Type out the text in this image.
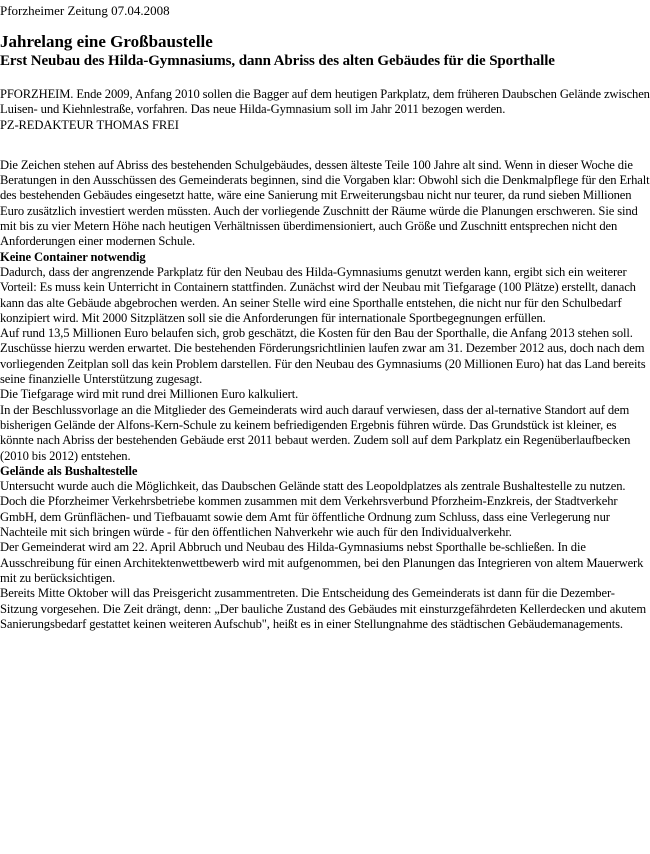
Pforzheimer Zeitung 07.04.2008
Jahrelang eine Großbaustelle
Erst Neubau des Hilda-Gymnasiums, dann Abriss des alten Gebäudes für die Sporthalle

PFORZHEIM. Ende 2009, Anfang 2010 sollen die Bagger auf dem heutigen Parkplatz, dem früheren Daubschen Gelände zwischen Luisen- und Kiehnlestraße, vorfahren. Das neue Hilda-Gymnasium soll im Jahr 2011 bezogen werden.

PZ-REDAKTEUR THOMAS FREI

Die Zeichen stehen auf Abriss des bestehenden Schulgebäudes, dessen älteste Teile 100 Jahre alt sind. Wenn in dieser Woche die Beratungen in den Ausschüssen des Gemeinderats beginnen, sind die Vorgaben klar: Obwohl sich die Denkmalpflege für den Erhalt des bestehenden Gebäudes eingesetzt hatte, wäre eine Sanierung mit Erweiterungsbau nicht nur teurer, da rund sieben Millionen Euro zusätzlich investiert werden müssten. Auch der vorliegende Zuschnitt der Räume würde die Planungen erschweren. Sie sind mit bis zu vier Metern Höhe nach heutigen Verhältnissen überdimensioniert, auch Größe und Zuschnitt entsprechen nicht den Anforderungen einer modernen Schule.

Keine Container notwendig

Dadurch, dass der angrenzende Parkplatz für den Neubau des Hilda-Gymnasiums genutzt werden kann, ergibt sich ein weiterer Vorteil: Es muss kein Unterricht in Containern stattfinden. Zunächst wird der Neubau mit Tiefgarage (100 Plätze) erstellt, danach kann das alte Gebäude abgebrochen werden. An seiner Stelle wird eine Sporthalle entstehen, die nicht nur für den Schulbedarf konzipiert wird. Mit 2000 Sitzplätzen soll sie die Anforderungen für internationale Sportbegegnungen erfüllen.

Auf rund 13,5 Millionen Euro belaufen sich, grob geschätzt, die Kosten für den Bau der Sporthalle, die Anfang 2013 stehen soll. Zuschüsse hierzu werden erwartet. Die bestehenden Förderungsrichtlinien laufen zwar am 31. Dezember 2012 aus, doch nach dem vorliegenden Zeitplan soll das kein Problem darstellen. Für den Neubau des Gymnasiums (20 Millionen Euro) hat das Land bereits seine finanzielle Unterstützung zugesagt.

Die Tiefgarage wird mit rund drei Millionen Euro kalkuliert.

In der Beschlussvorlage an die Mitglieder des Gemeinderats wird auch darauf verwiesen, dass der al-ternative Standort auf dem bisherigen Gelände der Alfons-Kern-Schule zu keinem befriedigenden Ergebnis führen würde. Das Grundstück ist kleiner, es könnte nach Abriss der bestehenden Gebäude erst 2011 bebaut werden. Zudem soll auf dem Parkplatz ein Regenüberlaufbecken (2010 bis 2012) entstehen.

Gelände als Bushaltestelle

Untersucht wurde auch die Möglichkeit, das Daubschen Gelände statt des Leopoldplatzes als zentrale Bushaltestelle zu nutzen. Doch die Pforzheimer Verkehrsbetriebe kommen zusammen mit dem Verkehrsverbund Pforzheim-Enzkreis, der Stadtverkehr GmbH, dem Grünflächen- und Tiefbauamt sowie dem Amt für öffentliche Ordnung zum Schluss, dass eine Verlegerung nur Nachteile mit sich bringen würde - für den öffentlichen Nahverkehr wie auch für den Individualverkehr.

Der Gemeinderat wird am 22. April Abbruch und Neubau des Hilda-Gymnasiums nebst Sporthalle be-schließen. In die Ausschreibung für einen Architektenwettbewerb wird mit aufgenommen, bei den Planungen das Integrieren von altem Mauerwerk mit zu berücksichtigen.

Bereits Mitte Oktober will das Preisgericht zusammentreten. Die Entscheidung des Gemeinderats ist dann für die Dezember-Sitzung vorgesehen. Die Zeit drängt, denn: „Der bauliche Zustand des Gebäudes mit einsturzgefährdeten Kellerdecken und akutem Sanierungsbedarf gestattet keinen weiteren Aufschub", heißt es in einer Stellungnahme des städtischen Gebäudemanagements.
